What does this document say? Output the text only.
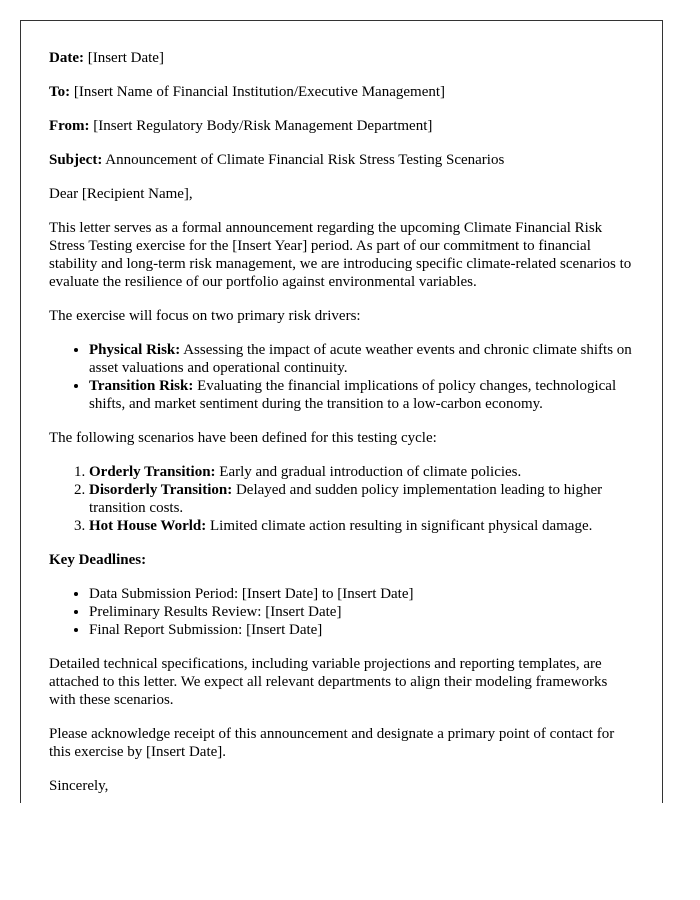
Date: [Insert Date]

To: [Insert Name of Financial Institution/Executive Management]

From: [Insert Regulatory Body/Risk Management Department]

Subject: Announcement of Climate Financial Risk Stress Testing Scenarios

Dear [Recipient Name],

This letter serves as a formal announcement regarding the upcoming Climate Financial Risk Stress Testing exercise for the [Insert Year] period. As part of our commitment to financial stability and long-term risk management, we are introducing specific climate-related scenarios to evaluate the resilience of our portfolio against environmental variables.

The exercise will focus on two primary risk drivers:

• Physical Risk: Assessing the impact of acute weather events and chronic climate shifts on asset valuations and operational continuity.
• Transition Risk: Evaluating the financial implications of policy changes, technological shifts, and market sentiment during the transition to a low-carbon economy.

The following scenarios have been defined for this testing cycle:

1. Orderly Transition: Early and gradual introduction of climate policies.
2. Disorderly Transition: Delayed and sudden policy implementation leading to higher transition costs.
3. Hot House World: Limited climate action resulting in significant physical damage.

Key Deadlines:

• Data Submission Period: [Insert Date] to [Insert Date]
• Preliminary Results Review: [Insert Date]
• Final Report Submission: [Insert Date]

Detailed technical specifications, including variable projections and reporting templates, are attached to this letter. We expect all relevant departments to align their modeling frameworks with these scenarios.

Please acknowledge receipt of this announcement and designate a primary point of contact for this exercise by [Insert Date].

Sincerely,
